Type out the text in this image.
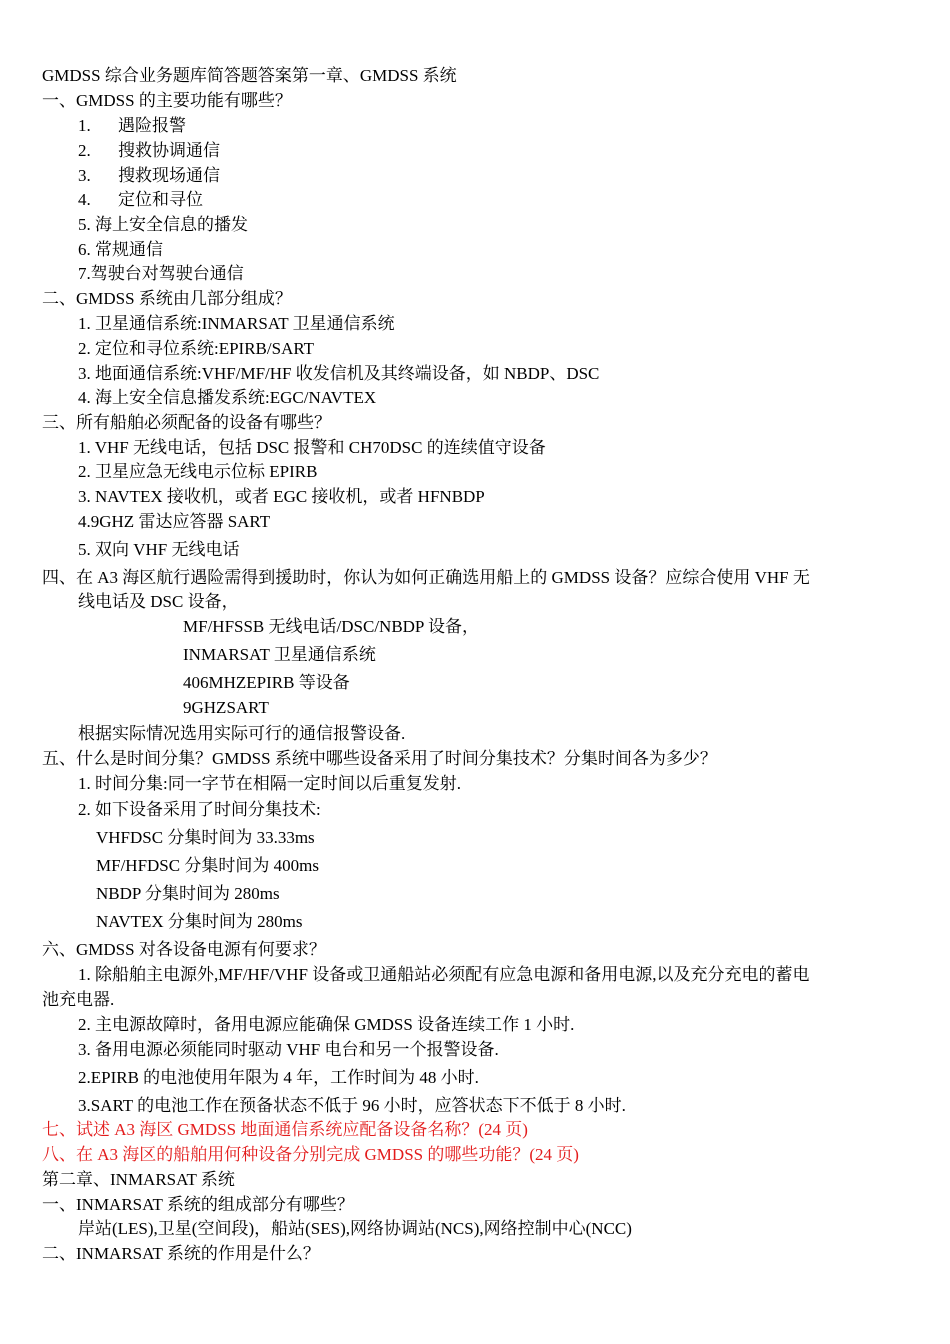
GMDSS 综合业务题库简答题答案第一章、GMDSS 系统
一、GMDSS 的主要功能有哪些？
1. 遇险报警
2. 搜救协调通信
3. 搜救现场通信
4. 定位和寻位
5. 海上安全信息的播发
6. 常规通信
7.驾驶台对驾驶台通信
二、GMDSS 系统由几部分组成？
1. 卫星通信系统:INMARSAT 卫星通信系统
2. 定位和寻位系统:EPIRB/SART
3. 地面通信系统:VHF/MF/HF 收发信机及其终端设备，如 NBDP、DSC
4. 海上安全信息播发系统:EGC/NAVTEX
三、所有船舶必须配备的设备有哪些？
1. VHF 无线电话，包括 DSC 报警和 CH70DSC 的连续值守设备
2. 卫星应急无线电示位标 EPIRB
3. NAVTEX 接收机，或者 EGC 接收机，或者 HFNBDP
4.9GHZ 雷达应答器 SART
5. 双向 VHF 无线电话
四、在 A3 海区航行遇险需得到援助时，你认为如何正确选用船上的 GMDSS 设备？应综合使用 VHF 无
线电话及 DSC 设备，
MF/HFSSB 无线电话/DSC/NBDP 设备，
INMARSAT 卫星通信系统
406MHZEPIRB 等设备
9GHZSART
根据实际情况选用实际可行的通信报警设备.
五、什么是时间分集？GMDSS 系统中哪些设备采用了时间分集技术？分集时间各为多少？
1. 时间分集:同一字节在相隔一定时间以后重复发射.
2. 如下设备采用了时间分集技术:
VHFDSC 分集时间为 33.33ms
MF/HFDSC 分集时间为 400ms
NBDP 分集时间为 280ms
NAVTEX 分集时间为 280ms
六、GMDSS 对各设备电源有何要求？
1. 除船舶主电源外,MF/HF/VHF 设备或卫通船站必须配有应急电源和备用电源,以及充分充电的蓄电
池充电器.
2. 主电源故障时，备用电源应能确保 GMDSS 设备连续工作 1 小时.
3. 备用电源必须能同时驱动 VHF 电台和另一个报警设备.
2.EPIRB 的电池使用年限为 4 年，工作时间为 48 小时.
3.SART 的电池工作在预备状态不低于 96 小时，应答状态下不低于 8 小时.
七、试述 A3 海区 GMDSS 地面通信系统应配备设备名称？(24 页)
八、在 A3 海区的船舶用何种设备分别完成 GMDSS 的哪些功能？(24 页)
第二章、INMARSAT 系统
一、INMARSAT 系统的组成部分有哪些？
岸站(LES),卫星(空间段)，船站(SES),网络协调站(NCS),网络控制中心(NCC)
二、INMARSAT 系统的作用是什么？
